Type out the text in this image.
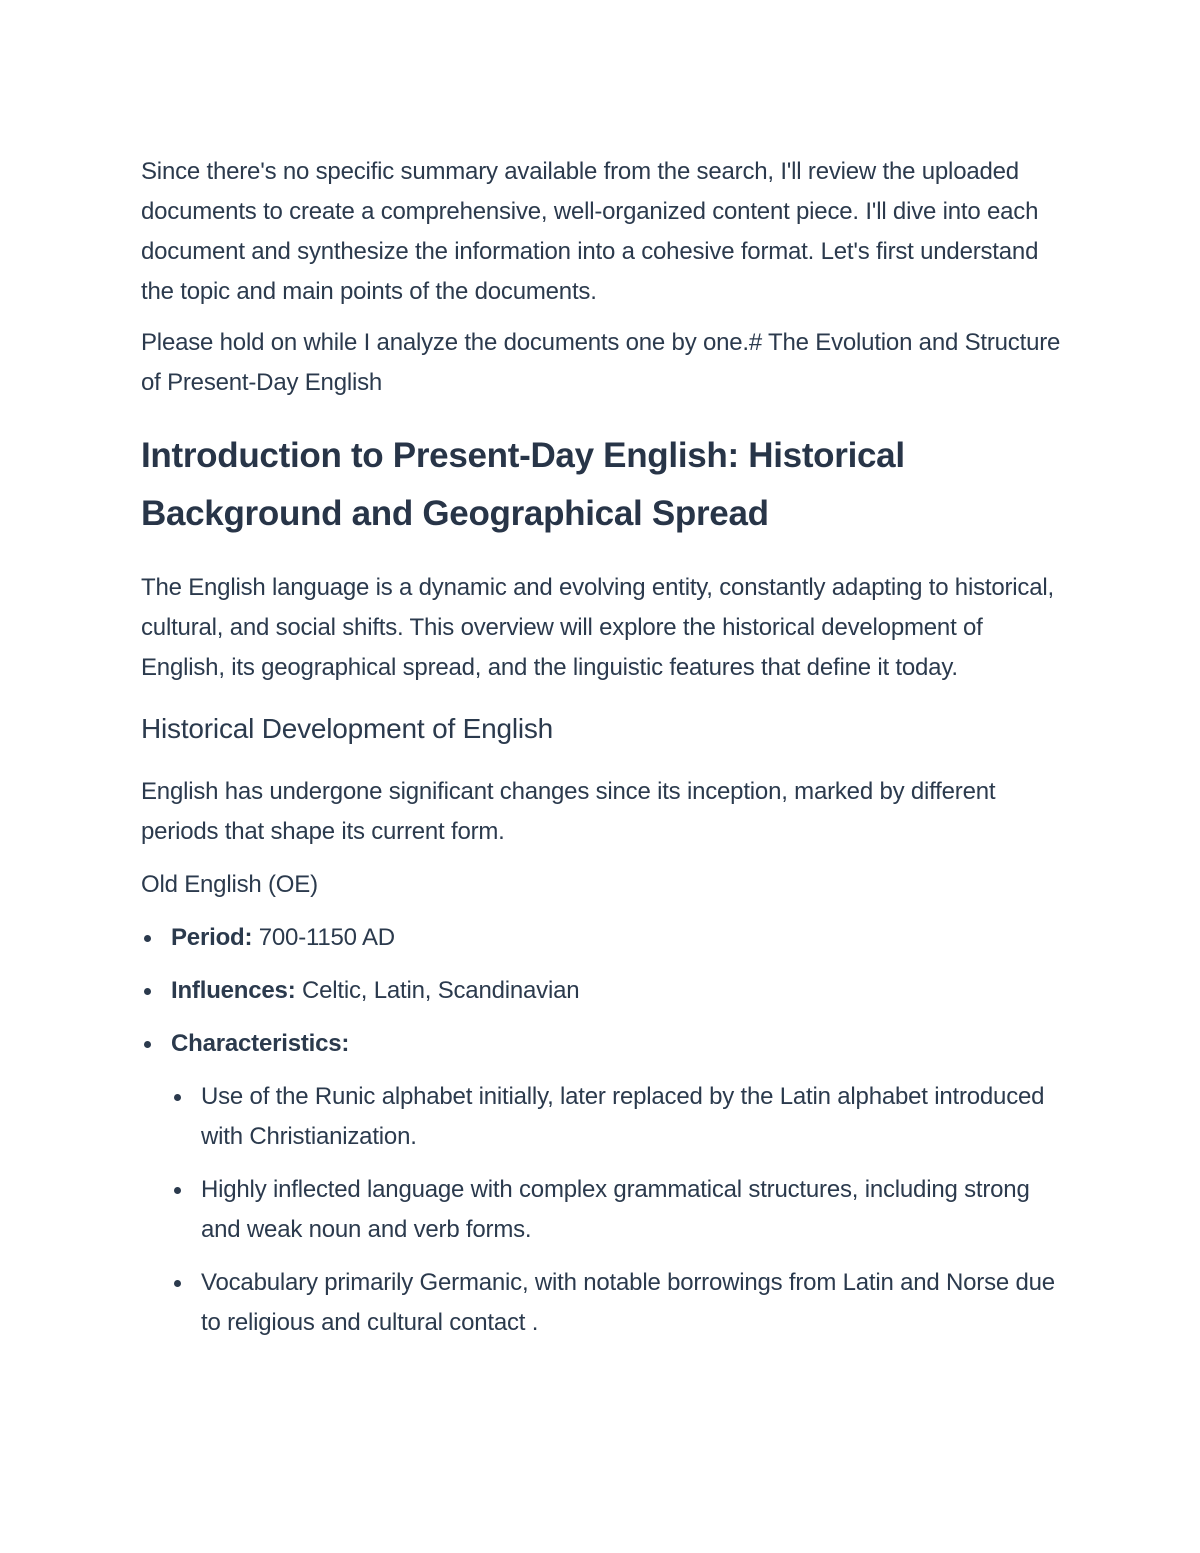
Since there's no specific summary available from the search, I'll review the uploaded documents to create a comprehensive, well-organized content piece. I'll dive into each document and synthesize the information into a cohesive format. Let's first understand the topic and main points of the documents.

Please hold on while I analyze the documents one by one.# The Evolution and Structure of Present-Day English

Introduction to Present-Day English: Historical Background and Geographical Spread

The English language is a dynamic and evolving entity, constantly adapting to historical, cultural, and social shifts. This overview will explore the historical development of English, its geographical spread, and the linguistic features that define it today.

Historical Development of English

English has undergone significant changes since its inception, marked by different periods that shape its current form.

Old English (OE)

Period: 700-1150 AD
Influences: Celtic, Latin, Scandinavian
Characteristics:
Use of the Runic alphabet initially, later replaced by the Latin alphabet introduced with Christianization.
Highly inflected language with complex grammatical structures, including strong and weak noun and verb forms.
Vocabulary primarily Germanic, with notable borrowings from Latin and Norse due to religious and cultural contact .
